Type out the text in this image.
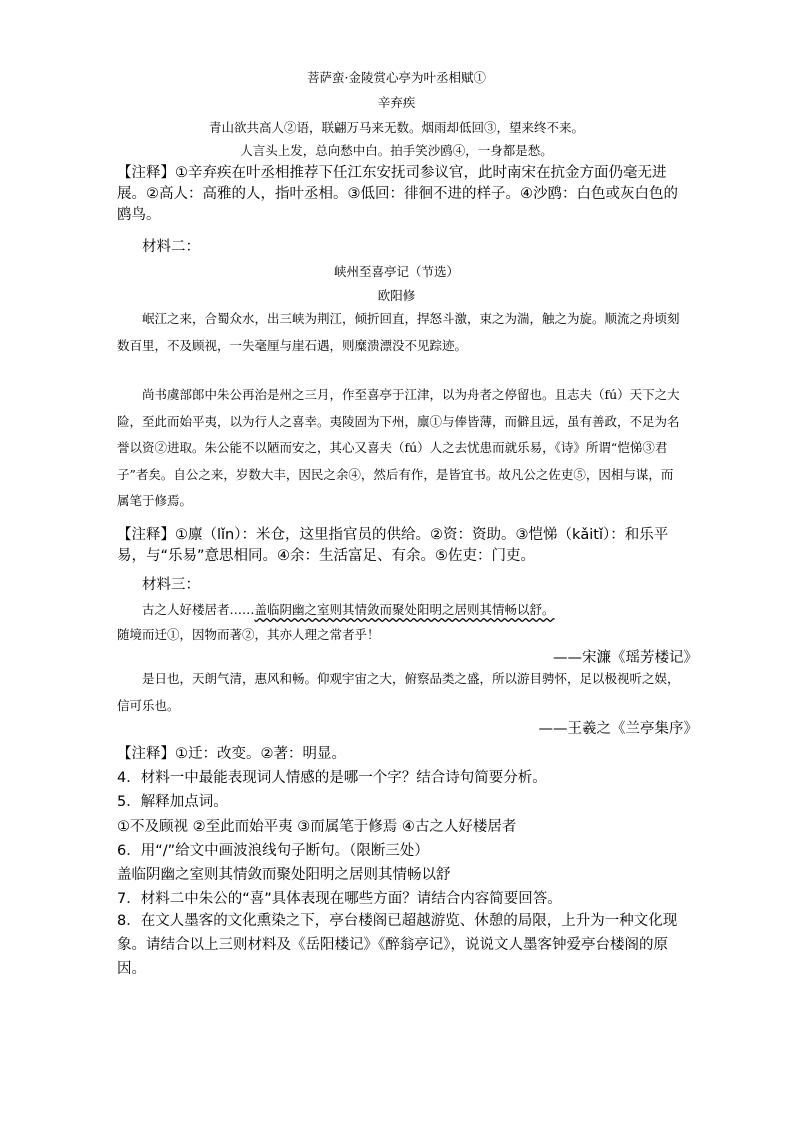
菩萨蛮·金陵赏心亭为叶丞相赋①
辛弃疾
青山欲共高人②语，联翩万马来无数。烟雨却低回③，望来终不来。
人言头上发，总向愁中白。拍手笑沙鸥④，一身都是愁。

【注释】①辛弃疾在叶丞相推荐下任江东安抚司参议官，此时南宋在抗金方面仍毫无进展。②高人：高雅的人，指叶丞相。③低回：徘徊不进的样子。④沙鸥：白色或灰白色的鸥鸟。

材料二：
峡州至喜亭记（节选）
欧阳修

岷江之来，合蜀众水，出三峡为荆江，倾折回直，捍怒斗激，束之为湍，触之为旋。顺流之舟顷刻数百里，不及顾视，一失毫厘与崖石遇，则糜溃漂没不见踪迹。

尚书虞部郎中朱公再治是州之三月，作至喜亭于江津，以为舟者之停留也。且志夫（fú）天下之大险，至此而始平夷，以为行人之喜幸。夷陵固为下州，廪①与俸皆薄，而僻且远，虽有善政，不足为名誉以资②进取。朱公能不以陋而安之，其心又喜夫（fú）人之去忧患而就乐易，《诗》所谓“恺悌③君子”者矣。自公之来，岁数大丰，因民之余④，然后有作，是皆宜书。故凡公之佐吏⑤，因相与谋，而属笔于修焉。

【注释】①廪（lǐn）：米仓，这里指官员的供给。②资：资助。③恺悌（kǎitǐ）：和乐平易，与“乐易”意思相同。④余：生活富足、有余。⑤佐吏：门吏。

材料三：
古之人好楼居者……盖临阴幽之室则其情敛而聚处阳明之居则其情畅以舒。
随境而迁①，因物而著②，其亦人理之常者乎！
——宋濂《瑶芳楼记》

是日也，天朗气清，惠风和畅。仰观宇宙之大，俯察品类之盛，所以游目骋怀，足以极视听之娱，信可乐也。

——王羲之《兰亭集序》
【注释】①迁：改变。②著：明显。
4．材料一中最能表现词人情感的是哪一个字？结合诗句简要分析。
5．解释加点词。
①不及顾视 ②至此而始平夷 ③而属笔于修焉 ④古之人好楼居者
6．用“/”给文中画波浪线句子断句。（限断三处）
盖临阴幽之室则其情敛而聚处阳明之居则其情畅以舒
7．材料二中朱公的“喜”具体表现在哪些方面？请结合内容简要回答。

8．在文人墨客的文化熏染之下，亭台楼阁已超越游览、休憩的局限，上升为一种文化现象。请结合以上三则材料及《岳阳楼记》《醉翁亭记》，说说文人墨客钟爱亭台楼阁的原因。
